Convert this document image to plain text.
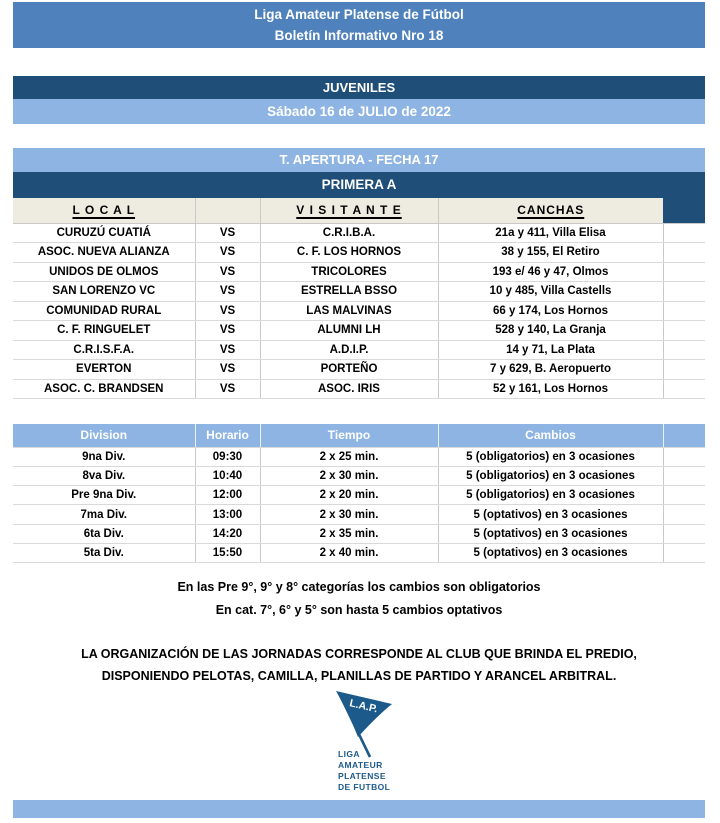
Liga Amateur Platense de Fútbol
Boletín Informativo Nro 18
JUVENILES
Sábado 16 de JULIO de 2022
T. APERTURA - FECHA 17
PRIMERA A
L O C A L		V I S I T A N T E	CANCHAS	
CURUZÚ CUATIÁ	VS	C.R.I.B.A.	21a y 411, Villa Elisa	
ASOC. NUEVA ALIANZA	VS	C. F. LOS HORNOS	38 y 155, El Retiro	
UNIDOS DE OLMOS	VS	TRICOLORES	193 e/ 46 y 47, Olmos	
SAN LORENZO VC	VS	ESTRELLA BSSO	10 y 485, Villa Castells	
COMUNIDAD RURAL	VS	LAS MALVINAS	66 y 174, Los Hornos	
C. F. RINGUELET	VS	ALUMNI LH	528 y 140, La Granja	
C.R.I.S.F.A.	VS	A.D.I.P.	14 y 71, La Plata	
EVERTON	VS	PORTEÑO	7 y 629, B. Aeropuerto	
ASOC. C. BRANDSEN	VS	ASOC. IRIS	52 y 161, Los Hornos	
Division	Horario	Tiempo	Cambios	
9na Div.	09:30	2 x 25 min.	5 (obligatorios) en 3 ocasiones	
8va Div.	10:40	2 x 30 min.	5 (obligatorios) en 3 ocasiones	
Pre 9na Div.	12:00	2 x 20 min.	5 (obligatorios) en 3 ocasiones	
7ma Div.	13:00	2 x 30 min.	5 (optativos) en 3 ocasiones	
6ta Div.	14:20	2 x 35 min.	5 (optativos) en 3 ocasiones	
5ta Div.	15:50	2 x 40 min.	5 (optativos) en 3 ocasiones	
En las Pre 9°, 9° y 8° categorías los cambios son obligatorios
En cat. 7°, 6° y 5° son hasta 5 cambios optativos
LA ORGANIZACIÓN DE LAS JORNADAS CORRESPONDE AL CLUB QUE BRINDA EL PREDIO,
DISPONIENDO PELOTAS, CAMILLA, PLANILLAS DE PARTIDO Y ARANCEL ARBITRAL.
L.A.P.
LIGA
AMATEUR
PLATENSE
DE FUTBOL
